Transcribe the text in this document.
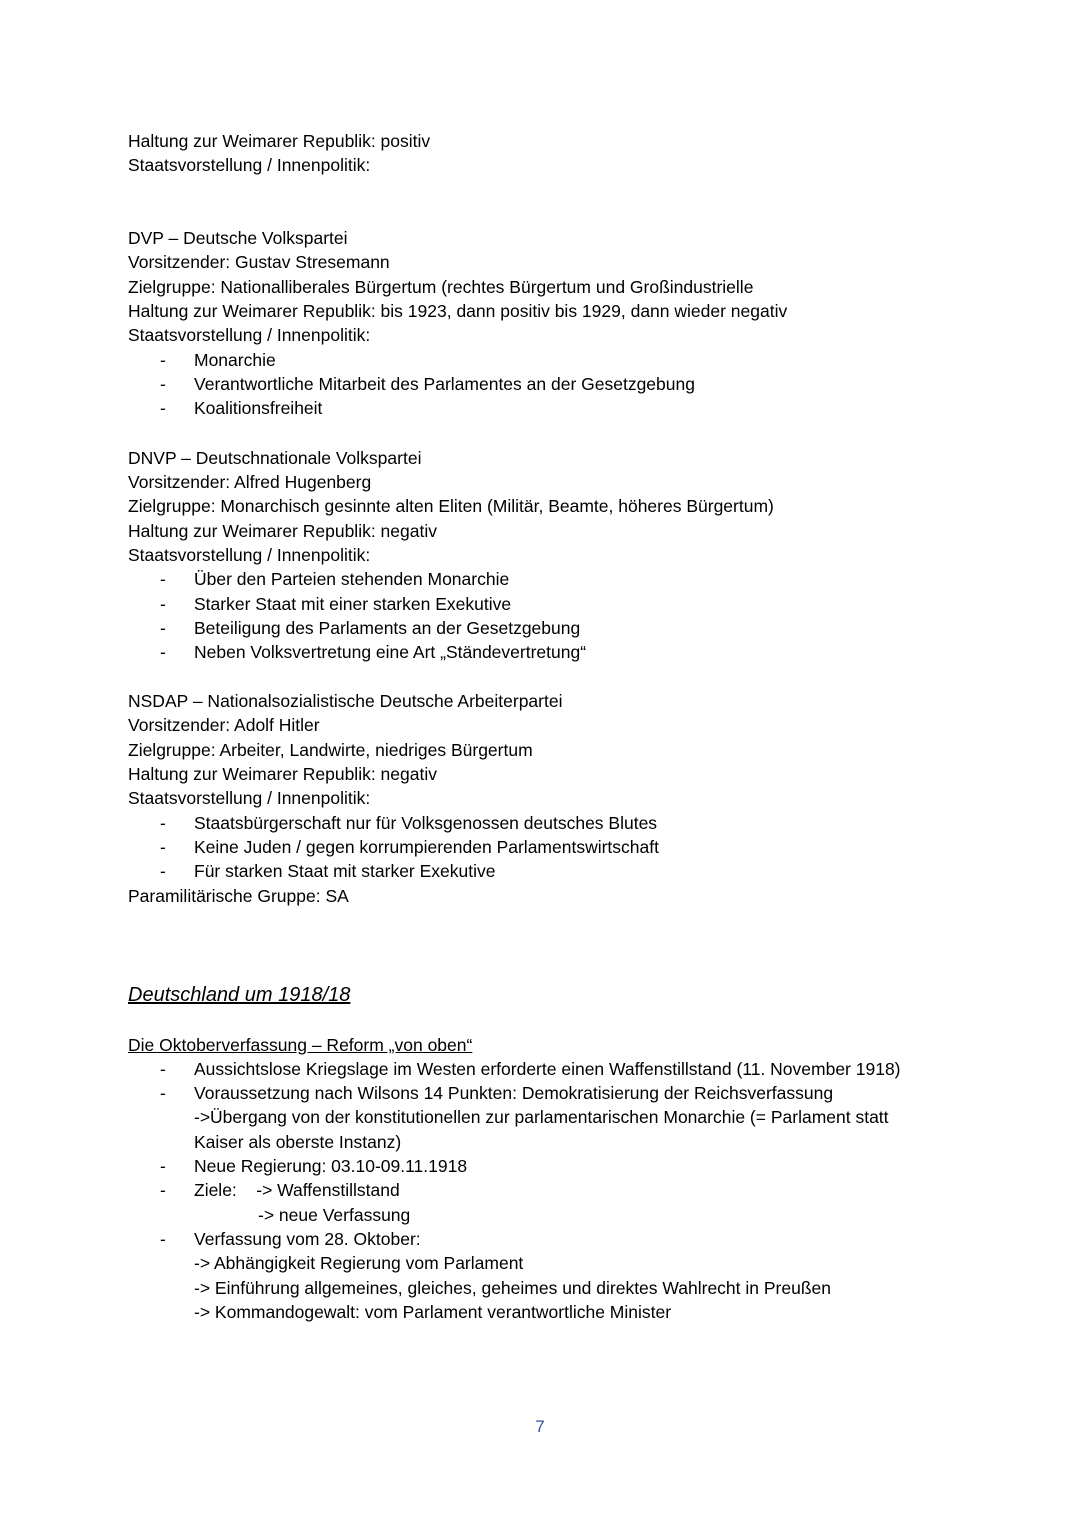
Haltung zur Weimarer Republik: positiv
Staatsvorstellung / Innenpolitik:
DVP – Deutsche Volkspartei
Vorsitzender: Gustav Stresemann
Zielgruppe: Nationalliberales Bürgertum (rechtes Bürgertum und Großindustrielle
Haltung zur Weimarer Republik: bis 1923, dann positiv bis 1929, dann wieder negativ
Staatsvorstellung / Innenpolitik:
- Monarchie
- Verantwortliche Mitarbeit des Parlamentes an der Gesetzgebung
- Koalitionsfreiheit
DNVP – Deutschnationale Volkspartei
Vorsitzender: Alfred Hugenberg
Zielgruppe: Monarchisch gesinnte alten Eliten (Militär, Beamte, höheres Bürgertum)
Haltung zur Weimarer Republik: negativ
Staatsvorstellung / Innenpolitik:
- Über den Parteien stehenden Monarchie
- Starker Staat mit einer starken Exekutive
- Beteiligung des Parlaments an der Gesetzgebung
- Neben Volksvertretung eine Art „Ständevertretung“
NSDAP – Nationalsozialistische Deutsche Arbeiterpartei
Vorsitzender: Adolf Hitler
Zielgruppe: Arbeiter, Landwirte, niedriges Bürgertum
Haltung zur Weimarer Republik: negativ
Staatsvorstellung / Innenpolitik:
- Staatsbürgerschaft nur für Volksgenossen deutsches Blutes
- Keine Juden / gegen korrumpierenden Parlamentswirtschaft
- Für starken Staat mit starker Exekutive
Paramilitärische Gruppe: SA
Deutschland um 1918/18
Die Oktoberverfassung – Reform „von oben“
- Aussichtslose Kriegslage im Westen erforderte einen Waffenstillstand (11. November 1918)
- Voraussetzung nach Wilsons 14 Punkten: Demokratisierung der Reichsverfassung
->Übergang von der konstitutionellen zur parlamentarischen Monarchie (= Parlament statt
Kaiser als oberste Instanz)
- Neue Regierung: 03.10-09.11.1918
- Ziele:    -> Waffenstillstand
-> neue Verfassung
- Verfassung vom 28. Oktober:
-> Abhängigkeit Regierung vom Parlament
-> Einführung allgemeines, gleiches, geheimes und direktes Wahlrecht in Preußen
-> Kommandogewalt: vom Parlament verantwortliche Minister
7
